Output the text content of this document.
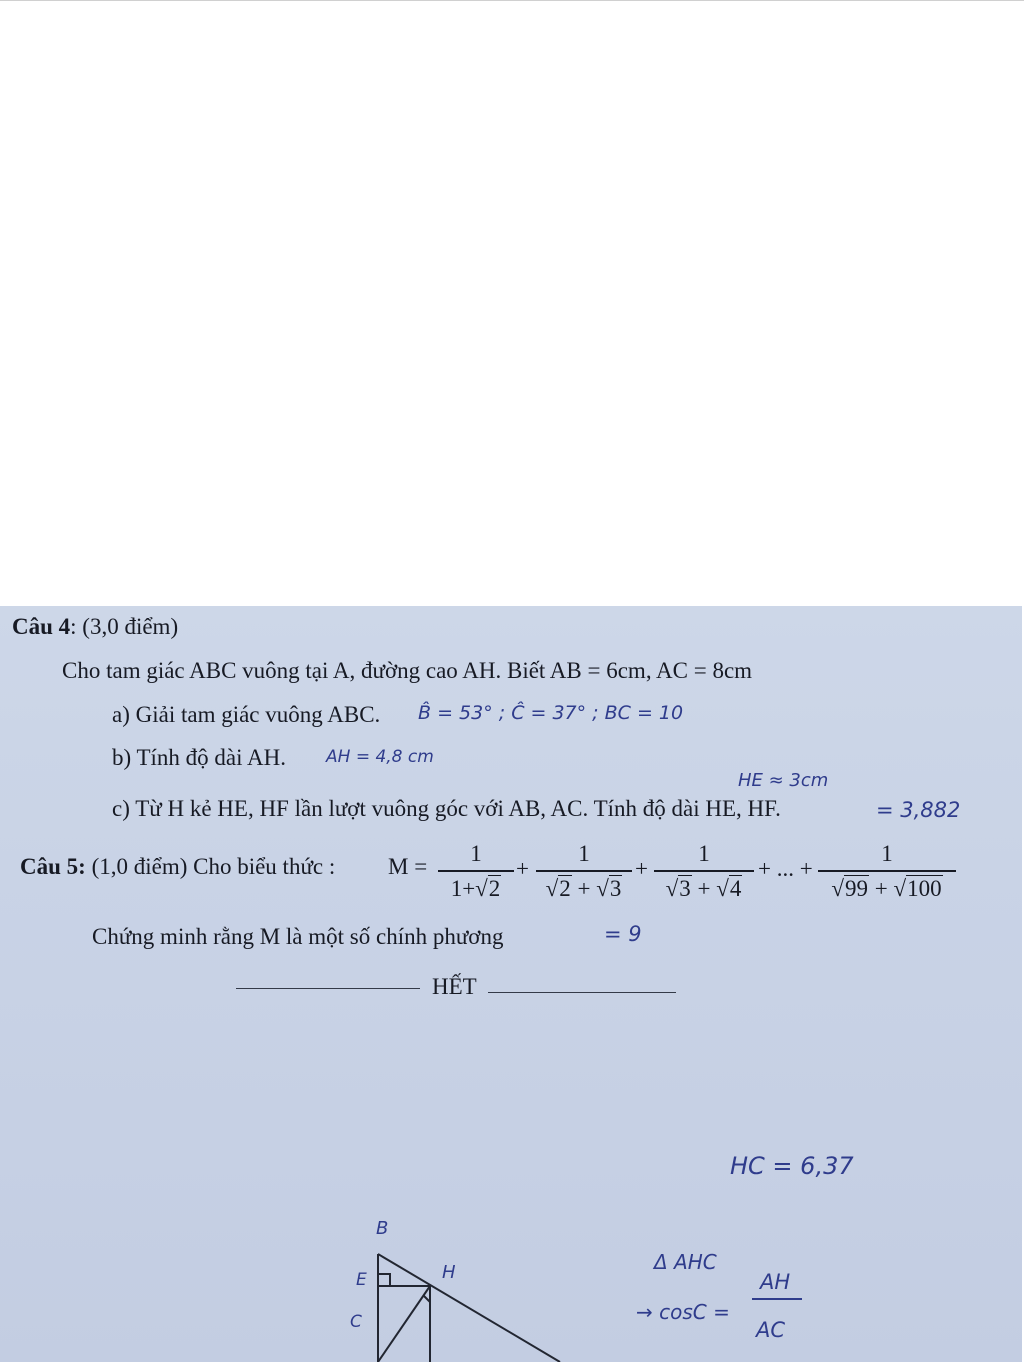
Câu 4: (3,0 điểm)
Cho tam giác ABC vuông tại A, đường cao AH. Biết AB = 6cm, AC = 8cm
a) Giải tam giác vuông ABC. B̂ = 53° ; Ĉ = 37° ; BC = 10
b) Tính độ dài AH. AH = 4,8 cm
HE ≈ 3cm
c) Từ H kẻ HE, HF lần lượt vuông góc với AB, AC. Tính độ dài HE, HF.	= 3,882
Câu 5: (1,0 điểm) Cho biểu thức : M =
1
1+√2
+
1
√2 + √3
+
1
√3 + √4
+ ... +
1
√99 + √100
Chứng minh rằng M là một số chính phương	= 9
HẾT
HC = 6,37
Δ AHC
→ cosC =
AH
AC
B
E	H
C
